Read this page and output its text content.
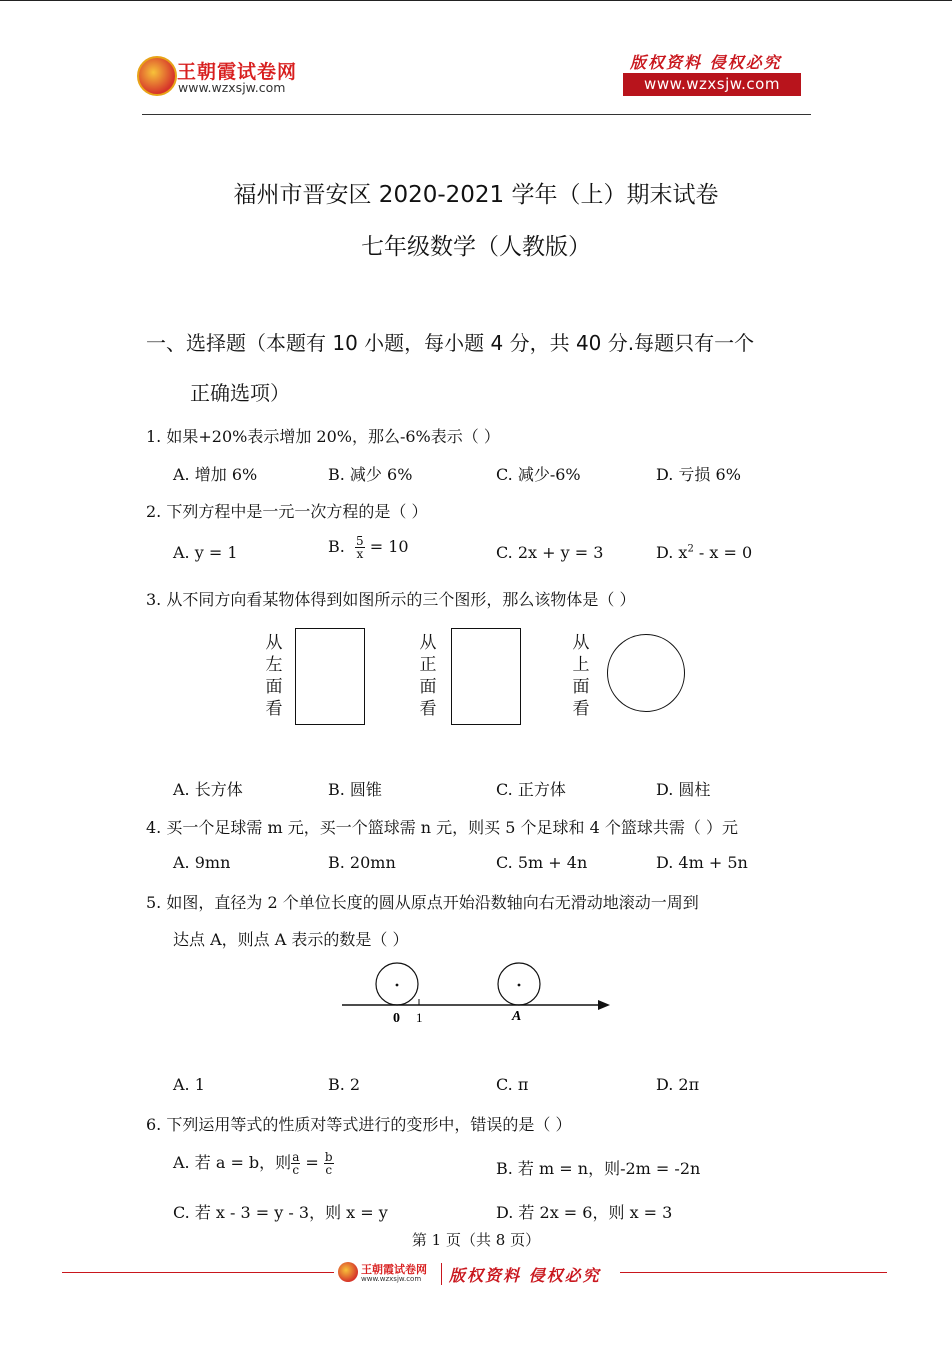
王朝霞试卷网
www.wzxsjw.com
版权资料 侵权必究
www.wzxsjw.com
福州市晋安区 2020-2021 学年（上）期末试卷
七年级数学（人教版）
一、选择题（本题有 10 小题，每小题 4 分，共 40 分.每题只有一个
正确选项）
1. 如果+20%表示增加 20%，那么-6%表示（ ）
A. 增加 6%	B. 减少 6%	C. 减少-6%	D. 亏损 6%
2. 下列方程中是一元一次方程的是（ ）
A. y = 1	B. $\frac{5}{x} = 10$	C. 2x + y = 3	D. $x^2 - x = 0$
3. 从不同方向看某物体得到如图所示的三个图形，那么该物体是（ ）
从
左
面
看
从
正
面
看
从
上
面
看
A. 长方体	B. 圆锥	C. 正方体	D. 圆柱
4. 买一个足球需 m 元，买一个篮球需 n 元，则买 5 个足球和 4 个篮球共需（ ）元
A. 9mn	B. 20mn	C. 5m + 4n	D. 4m + 5n
5. 如图，直径为 2 个单位长度的圆从原点开始沿数轴向右无滑动地滚动一周到
达点 A，则点 A 表示的数是（ ）
0 1	A
A. 1	B. 2	C. π	D. 2π
6. 下列运用等式的性质对等式进行的变形中，错误的是（ ）
A. 若 a = b，则 $\frac{a}{c} = \frac{b}{c}$	B. 若 m = n，则-2m = -2n
C. 若 x - 3 = y - 3，则 x = y	D. 若 2x = 6，则 x = 3
第 1 页（共 8 页）
王朝霞试卷网
www.wzxsjw.com 版权资料 侵权必究
